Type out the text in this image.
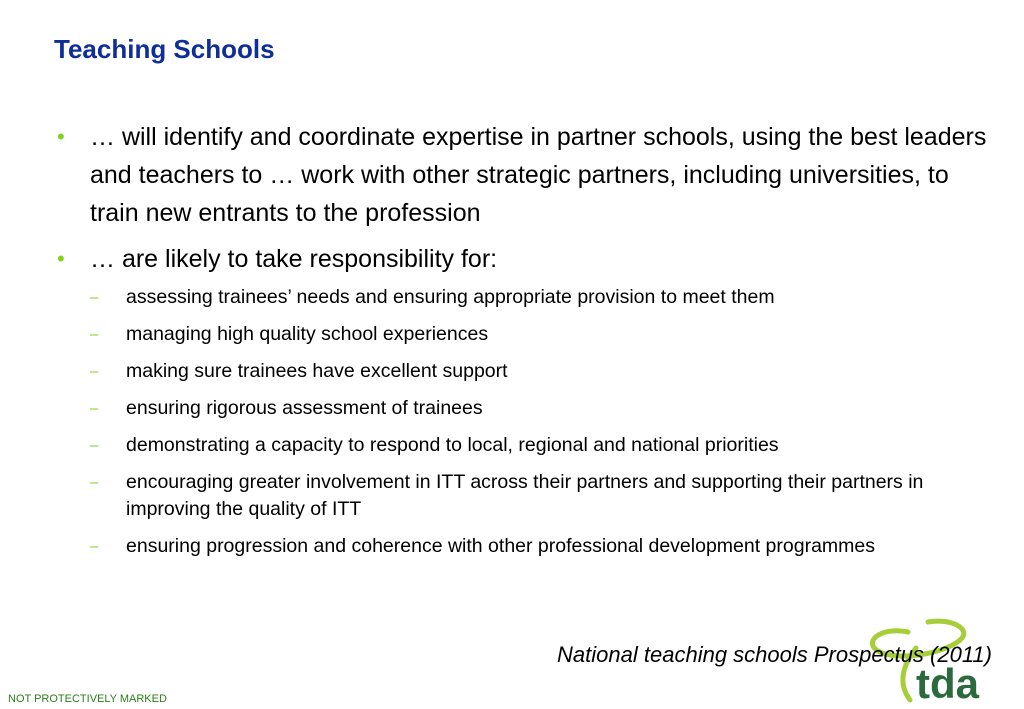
Teaching Schools
• … will identify and coordinate expertise in partner schools, using the best leaders and teachers to … work with other strategic partners, including universities, to train new entrants to the profession
• … are likely to take responsibility for:
– assessing trainees’ needs and ensuring appropriate provision to meet them
– managing high quality school experiences
– making sure trainees have excellent support
– ensuring rigorous assessment of trainees
– demonstrating a capacity to respond to local, regional and national priorities
– encouraging greater involvement in ITT across their partners and supporting their partners in improving the quality of ITT
– ensuring progression and coherence with other professional development programmes
tda

National teaching schools Prospectus (2011)

NOT PROTECTIVELY MARKED
